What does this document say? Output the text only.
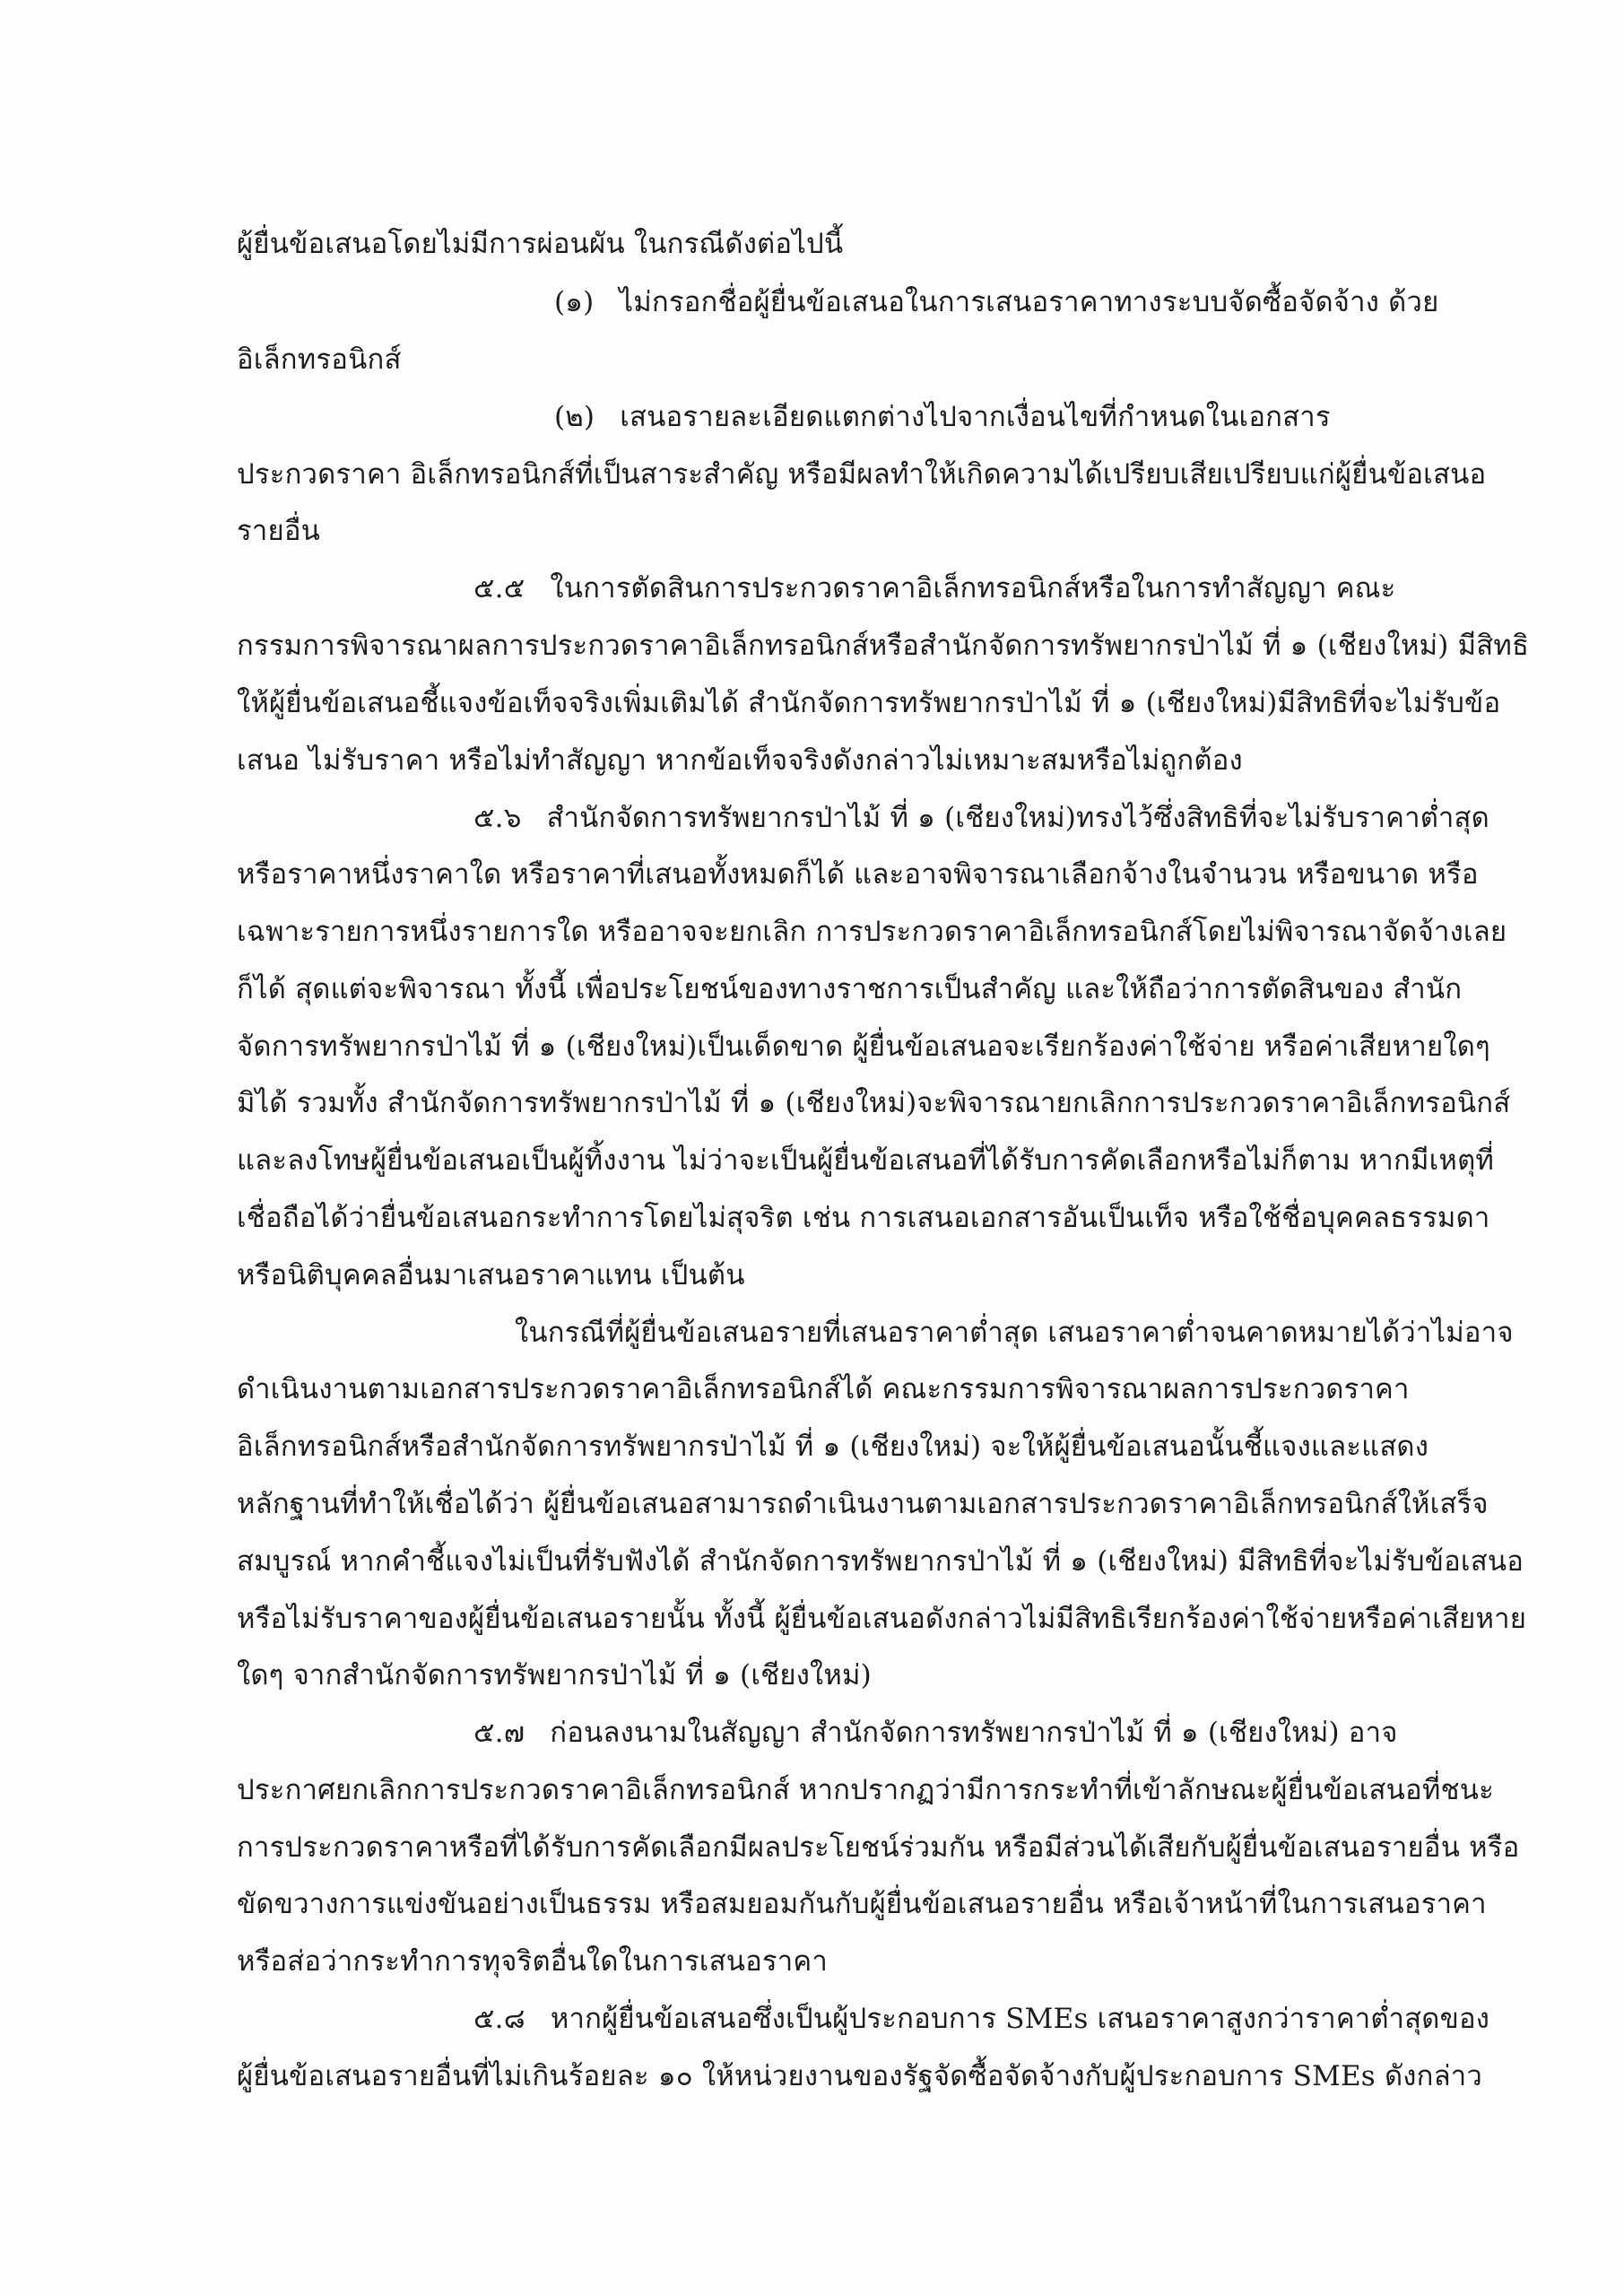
ผู้ยื่นข้อเสนอโดยไม่มีการผ่อนผัน ในกรณีดังต่อไปนี้
(๑) ไม่กรอกชื่อผู้ยื่นข้อเสนอในการเสนอราคาทางระบบจัดซื้อจัดจ้าง ด้วย
อิเล็กทรอนิกส์
(๒) เสนอรายละเอียดแตกต่างไปจากเงื่อนไขที่กำหนดในเอกสาร
ประกวดราคา อิเล็กทรอนิกส์ที่เป็นสาระสำคัญ หรือมีผลทำให้เกิดความได้เปรียบเสียเปรียบแก่ผู้ยื่นข้อเสนอ
รายอื่น
๕.๕ ในการตัดสินการประกวดราคาอิเล็กทรอนิกส์หรือในการทำสัญญา คณะ
กรรมการพิจารณาผลการประกวดราคาอิเล็กทรอนิกส์หรือสำนักจัดการทรัพยากรป่าไม้ ที่ ๑ (เชียงใหม่) มีสิทธิ
ให้ผู้ยื่นข้อเสนอชี้แจงข้อเท็จจริงเพิ่มเติมได้ สำนักจัดการทรัพยากรป่าไม้ ที่ ๑ (เชียงใหม่)มีสิทธิที่จะไม่รับข้อ
เสนอ ไม่รับราคา หรือไม่ทำสัญญา หากข้อเท็จจริงดังกล่าวไม่เหมาะสมหรือไม่ถูกต้อง
๕.๖ สำนักจัดการทรัพยากรป่าไม้ ที่ ๑ (เชียงใหม่)ทรงไว้ซึ่งสิทธิที่จะไม่รับราคาต่ำสุด
หรือราคาหนึ่งราคาใด หรือราคาที่เสนอทั้งหมดก็ได้ และอาจพิจารณาเลือกจ้างในจำนวน หรือขนาด หรือ
เฉพาะรายการหนึ่งรายการใด หรืออาจจะยกเลิก การประกวดราคาอิเล็กทรอนิกส์โดยไม่พิจารณาจัดจ้างเลย
ก็ได้ สุดแต่จะพิจารณา ทั้งนี้ เพื่อประโยชน์ของทางราชการเป็นสำคัญ และให้ถือว่าการตัดสินของ สำนัก
จัดการทรัพยากรป่าไม้ ที่ ๑ (เชียงใหม่)เป็นเด็ดขาด ผู้ยื่นข้อเสนอจะเรียกร้องค่าใช้จ่าย หรือค่าเสียหายใดๆ
มิได้ รวมทั้ง สำนักจัดการทรัพยากรป่าไม้ ที่ ๑ (เชียงใหม่)จะพิจารณายกเลิกการประกวดราคาอิเล็กทรอนิกส์
และลงโทษผู้ยื่นข้อเสนอเป็นผู้ทิ้งงาน ไม่ว่าจะเป็นผู้ยื่นข้อเสนอที่ได้รับการคัดเลือกหรือไม่ก็ตาม หากมีเหตุที่
เชื่อถือได้ว่ายื่นข้อเสนอกระทำการโดยไม่สุจริต เช่น การเสนอเอกสารอันเป็นเท็จ หรือใช้ชื่อบุคคลธรรมดา
หรือนิติบุคคลอื่นมาเสนอราคาแทน เป็นต้น
ในกรณีที่ผู้ยื่นข้อเสนอรายที่เสนอราคาต่ำสุด เสนอราคาต่ำจนคาดหมายได้ว่าไม่อาจ
ดำเนินงานตามเอกสารประกวดราคาอิเล็กทรอนิกส์ได้ คณะกรรมการพิจารณาผลการประกวดราคา
อิเล็กทรอนิกส์หรือสำนักจัดการทรัพยากรป่าไม้ ที่ ๑ (เชียงใหม่) จะให้ผู้ยื่นข้อเสนอนั้นชี้แจงและแสดง
หลักฐานที่ทำให้เชื่อได้ว่า ผู้ยื่นข้อเสนอสามารถดำเนินงานตามเอกสารประกวดราคาอิเล็กทรอนิกส์ให้เสร็จ
สมบูรณ์ หากคำชี้แจงไม่เป็นที่รับฟังได้ สำนักจัดการทรัพยากรป่าไม้ ที่ ๑ (เชียงใหม่) มีสิทธิที่จะไม่รับข้อเสนอ
หรือไม่รับราคาของผู้ยื่นข้อเสนอรายนั้น ทั้งนี้ ผู้ยื่นข้อเสนอดังกล่าวไม่มีสิทธิเรียกร้องค่าใช้จ่ายหรือค่าเสียหาย
ใดๆ จากสำนักจัดการทรัพยากรป่าไม้ ที่ ๑ (เชียงใหม่)
๕.๗ ก่อนลงนามในสัญญา สำนักจัดการทรัพยากรป่าไม้ ที่ ๑ (เชียงใหม่) อาจ
ประกาศยกเลิกการประกวดราคาอิเล็กทรอนิกส์ หากปรากฏว่ามีการกระทำที่เข้าลักษณะผู้ยื่นข้อเสนอที่ชนะ
การประกวดราคาหรือที่ได้รับการคัดเลือกมีผลประโยชน์ร่วมกัน หรือมีส่วนได้เสียกับผู้ยื่นข้อเสนอรายอื่น หรือ
ขัดขวางการแข่งขันอย่างเป็นธรรม หรือสมยอมกันกับผู้ยื่นข้อเสนอรายอื่น หรือเจ้าหน้าที่ในการเสนอราคา
หรือส่อว่ากระทำการทุจริตอื่นใดในการเสนอราคา
๕.๘ หากผู้ยื่นข้อเสนอซึ่งเป็นผู้ประกอบการ SMEs เสนอราคาสูงกว่าราคาต่ำสุดของ
ผู้ยื่นข้อเสนอรายอื่นที่ไม่เกินร้อยละ ๑๐ ให้หน่วยงานของรัฐจัดซื้อจัดจ้างกับผู้ประกอบการ SMEs ดังกล่าว
